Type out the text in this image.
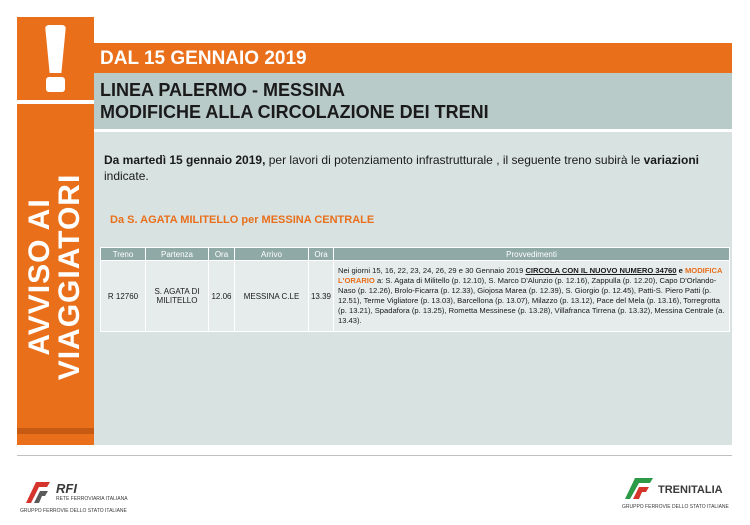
AVVISO AI
VIAGGIATORI
DAL 15 GENNAIO 2019
LINEA PALERMO - MESSINA
MODIFICHE ALLA CIRCOLAZIONE DEI TRENI

Da martedì 15 gennaio 2019, per lavori di potenziamento infrastrutturale , il seguente treno subirà le variazioni indicate.

Da S. AGATA MILITELLO per MESSINA CENTRALE
Treno	Partenza	Ora	Arrivo	Ora	Provvedimenti
R 12760	S. AGATA DI MILITELLO	12.06	MESSINA C.LE	13.39	Nei giorni 15, 16, 22, 23, 24, 26, 29 e 30 Gennaio 2019 CIRCOLA CON IL NUOVO NUMERO 34760 e MODIFICA L'ORARIO a: S. Agata di Militello (p. 12.10), S. Marco D'Alunzio (p. 12.16), Zappulla (p. 12.20), Capo D'Orlando-Naso (p. 12.26), Brolo-Ficarra (p. 12.33), Giojosa Marea (p. 12.39), S. Giorgio (p. 12.45), Patti-S. Piero Patti (p. 12.51), Terme Vigliatore (p. 13.03), Barcellona (p. 13.07), Milazzo (p. 13.12), Pace del Mela (p. 13.16), Torregrotta (p. 13.21), Spadafora (p. 13.25), Rometta Messinese (p. 13.28), Villafranca Tirrena (p. 13.32), Messina Centrale (a. 13.43).
RFI
RETE FERROVIARIA ITALIANA
GRUPPO FERROVIE DELLO STATO ITALIANE
TRENITALIA
GRUPPO FERROVIE DELLO STATO ITALIANE
